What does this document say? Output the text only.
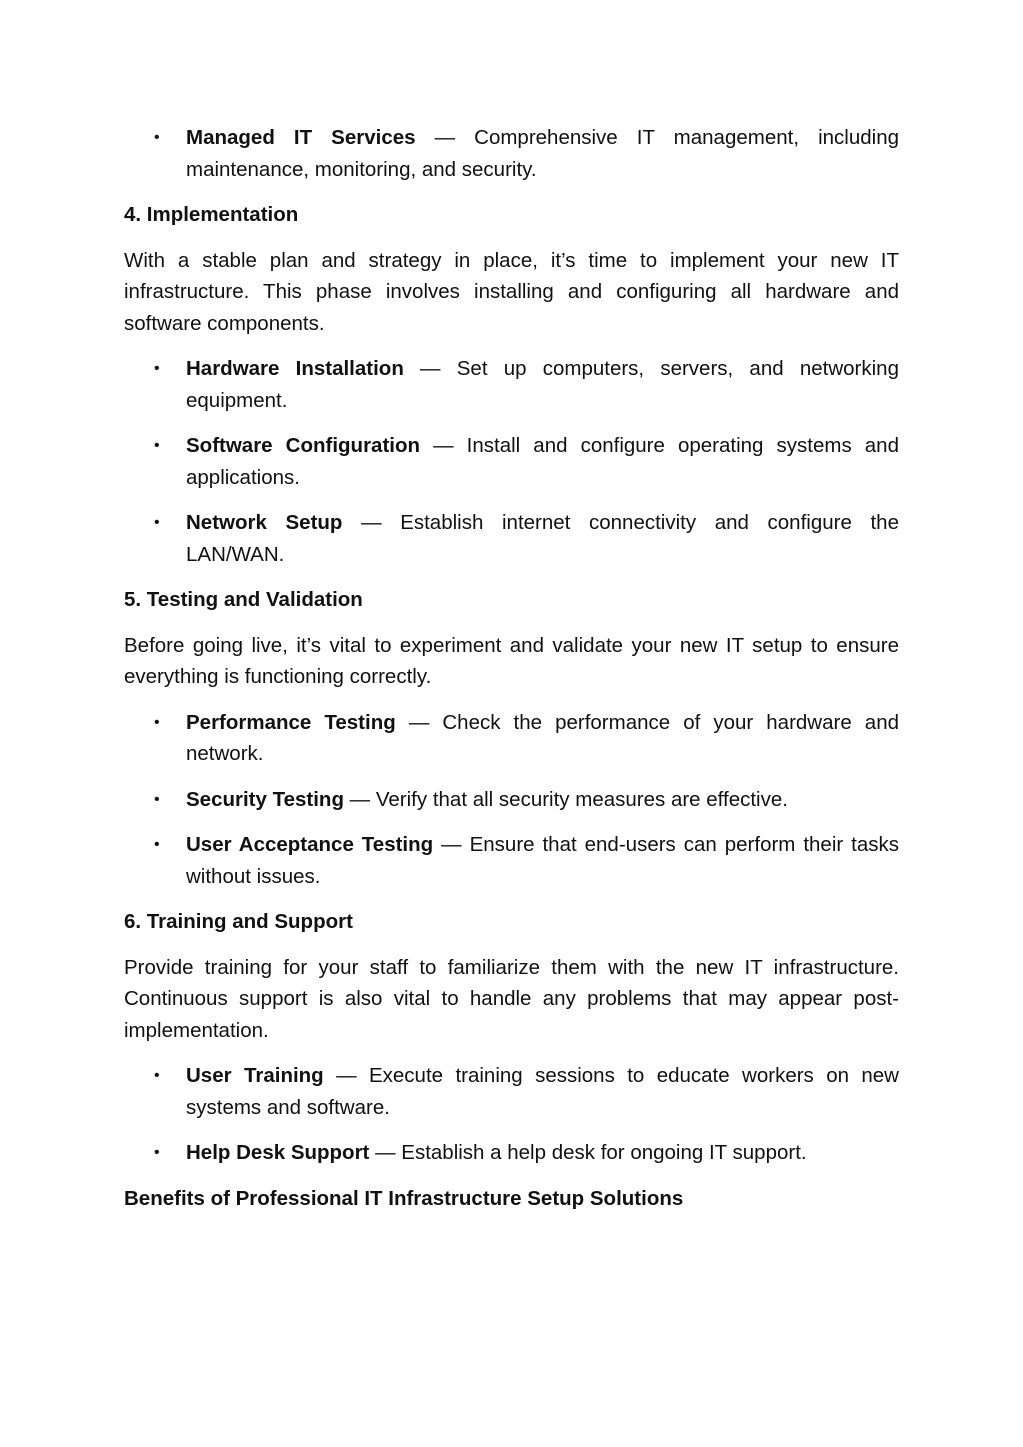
• Managed IT Services — Comprehensive IT management, including maintenance, monitoring, and security.
4. Implementation

With a stable plan and strategy in place, it’s time to implement your new IT infrastructure. This phase involves installing and configuring all hardware and software components.

• Hardware Installation — Set up computers, servers, and networking equipment.
• Software Configuration — Install and configure operating systems and applications.
• Network Setup — Establish internet connectivity and configure the LAN/WAN.
5. Testing and Validation

Before going live, it’s vital to experiment and validate your new IT setup to ensure everything is functioning correctly.

• Performance Testing — Check the performance of your hardware and network.
• Security Testing — Verify that all security measures are effective.
• User Acceptance Testing — Ensure that end-users can perform their tasks without issues.
6. Training and Support

Provide training for your staff to familiarize them with the new IT infrastructure. Continuous support is also vital to handle any problems that may appear post-implementation.

• User Training — Execute training sessions to educate workers on new systems and software.
• Help Desk Support — Establish a help desk for ongoing IT support.
Benefits of Professional IT Infrastructure Setup Solutions
